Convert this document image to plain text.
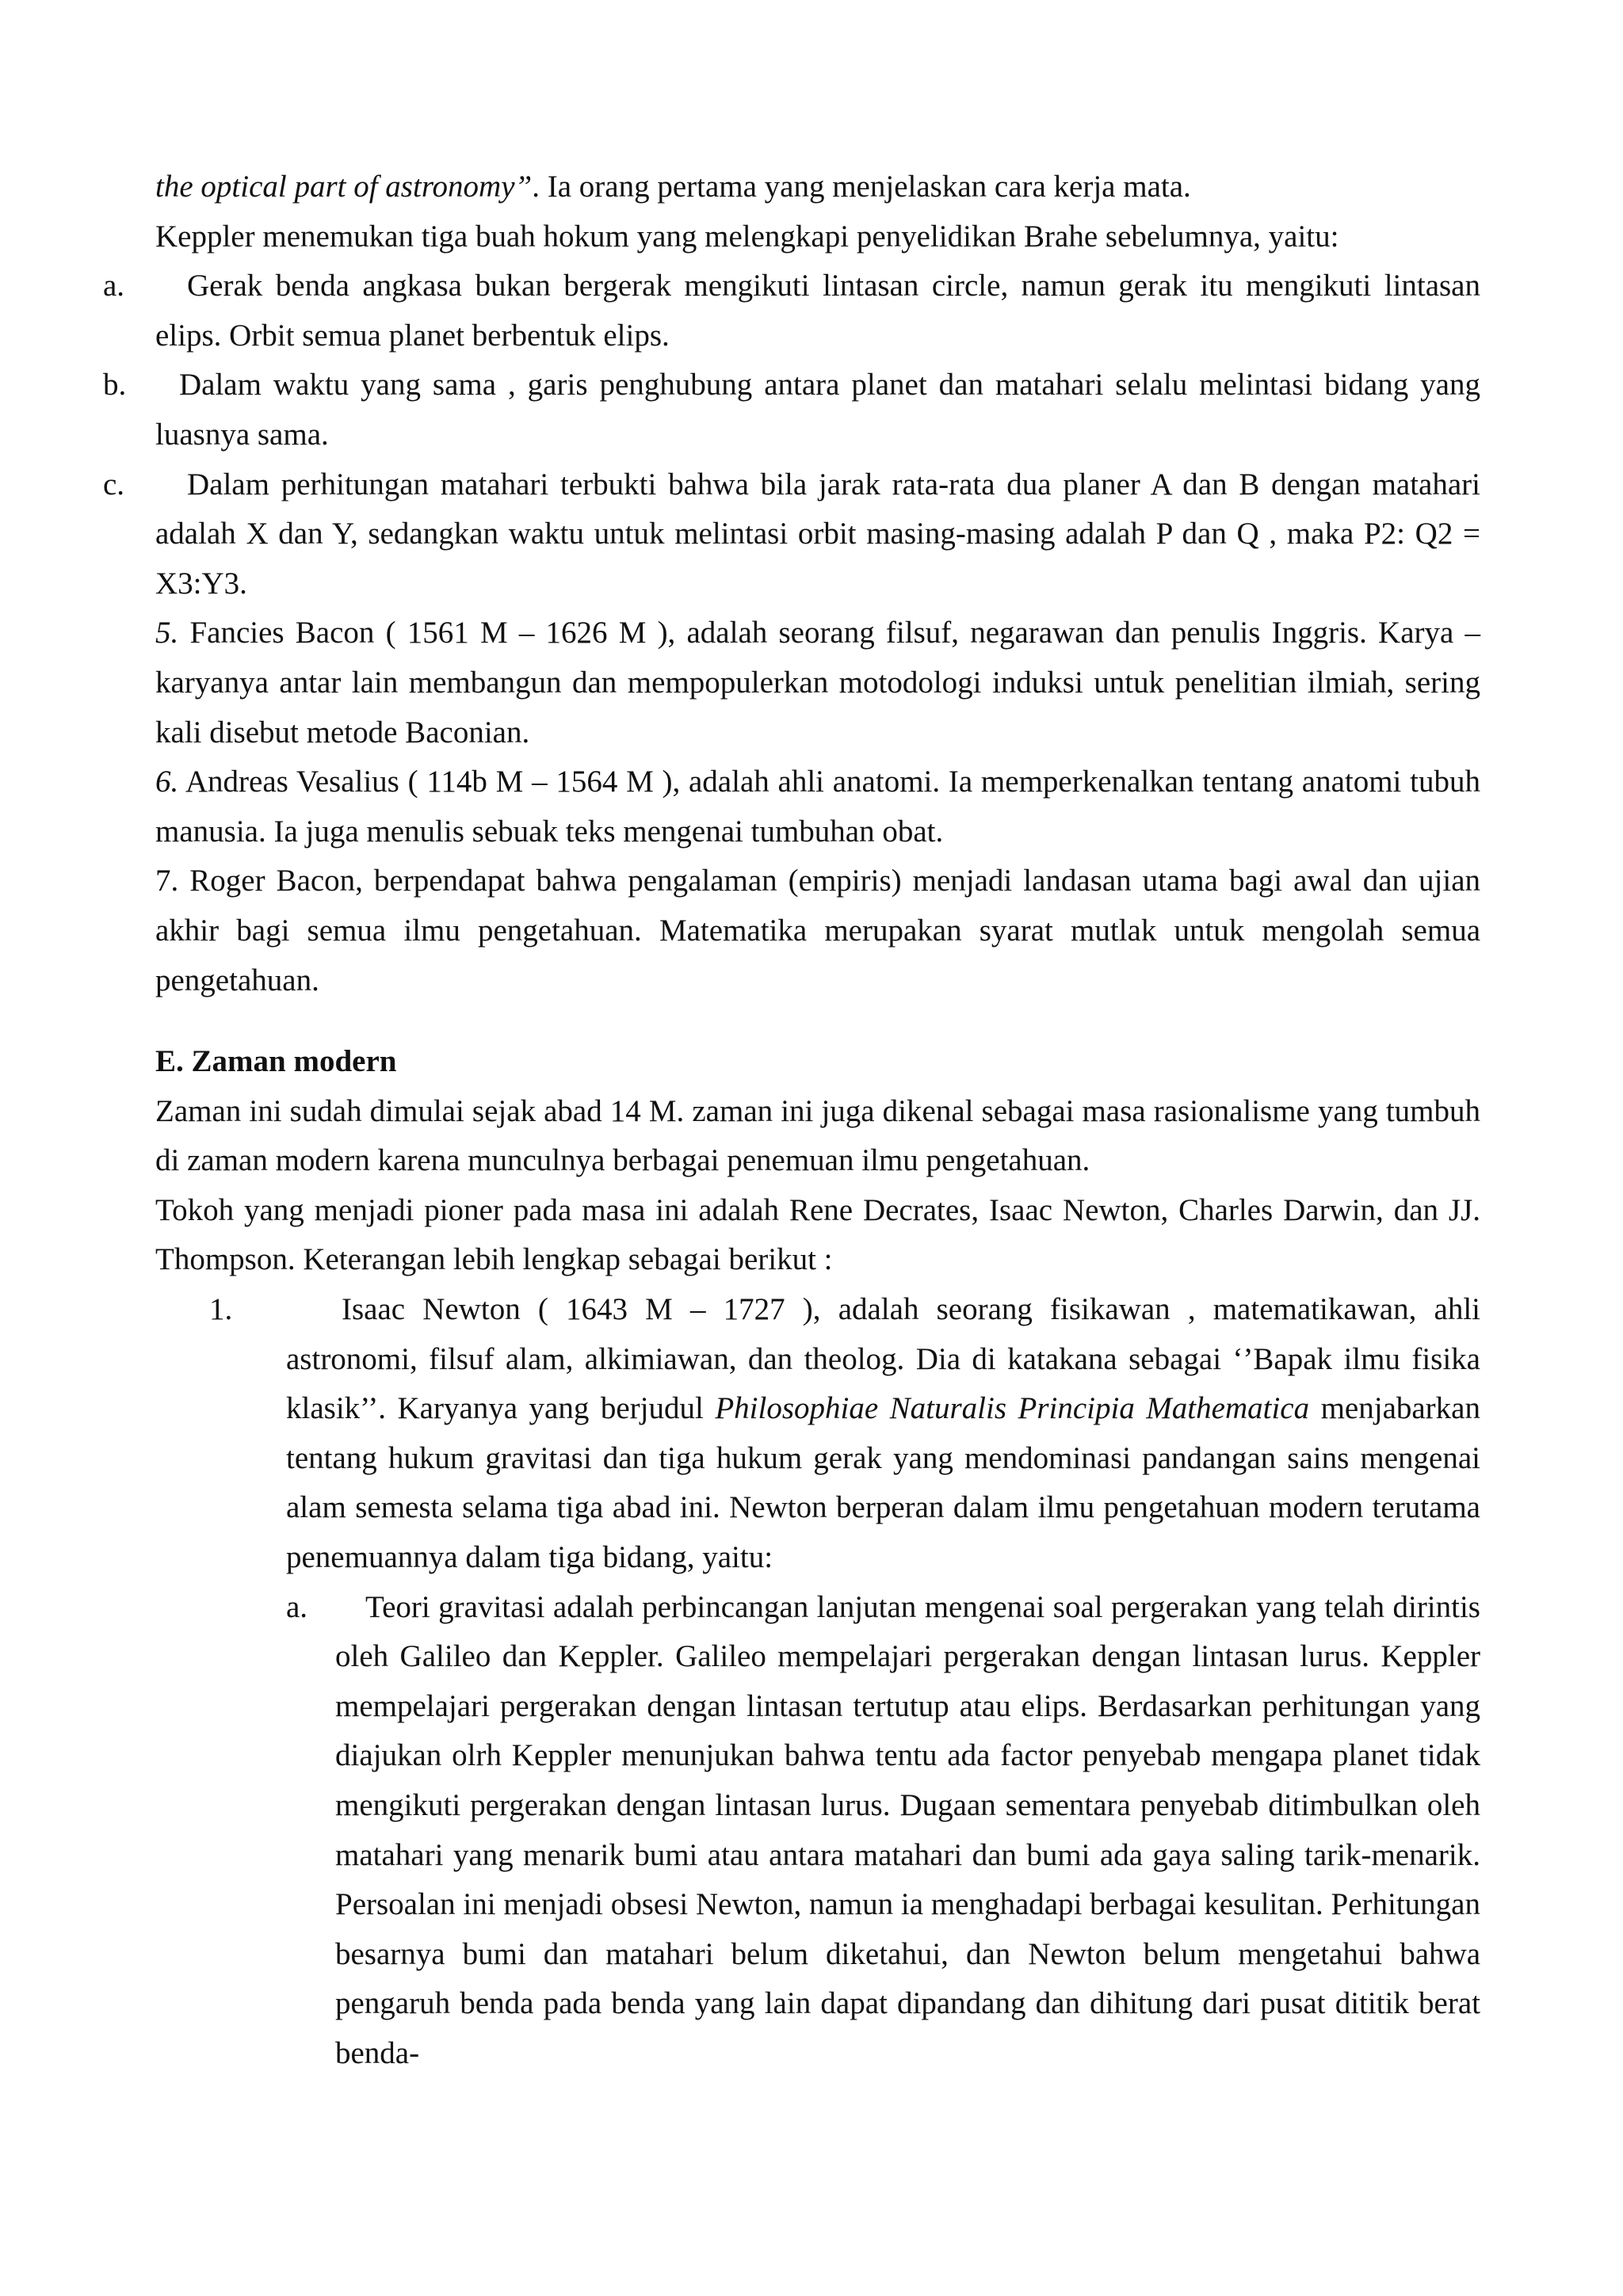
the optical part of astronomy”. Ia orang pertama yang menjelaskan cara kerja mata.

Keppler menemukan tiga buah hokum yang melengkapi penyelidikan Brahe sebelumnya, yaitu:

a.	Gerak benda angkasa bukan bergerak mengikuti lintasan circle, namun gerak itu mengikuti lintasan elips. Orbit semua planet berbentuk elips.

b.	Dalam waktu yang sama , garis penghubung antara planet dan matahari selalu melintasi bidang yang luasnya sama.

c.	Dalam perhitungan matahari terbukti bahwa bila jarak rata-rata dua planer A dan B dengan matahari adalah X dan Y, sedangkan waktu untuk melintasi orbit masing-masing adalah P dan Q , maka P2: Q2 = X3:Y3.

5. Fancies Bacon ( 1561 M – 1626 M ), adalah seorang filsuf, negarawan dan penulis Inggris. Karya – karyanya antar lain membangun dan mempopulerkan motodologi induksi untuk penelitian ilmiah, sering kali disebut metode Baconian.

6. Andreas Vesalius ( 114b M – 1564 M ), adalah ahli anatomi. Ia memperkenalkan tentang anatomi tubuh manusia. Ia juga menulis sebuak teks mengenai tumbuhan obat.

7. Roger Bacon, berpendapat bahwa pengalaman (empiris) menjadi landasan utama bagi awal dan ujian akhir bagi semua ilmu pengetahuan. Matematika merupakan syarat mutlak untuk mengolah semua pengetahuan.

E. Zaman modern

Zaman ini sudah dimulai sejak abad 14 M. zaman ini juga dikenal sebagai masa rasionalisme yang tumbuh di zaman modern karena munculnya berbagai penemuan ilmu pengetahuan.

Tokoh yang menjadi pioner pada masa ini adalah Rene Decrates, Isaac Newton, Charles Darwin, dan JJ. Thompson. Keterangan lebih lengkap sebagai berikut :

1.	Isaac Newton ( 1643 M – 1727 ), adalah seorang fisikawan , matematikawan, ahli astronomi, filsuf alam, alkimiawan, dan theolog. Dia di katakana sebagai ‘’Bapak ilmu fisika klasik’’. Karyanya yang berjudul Philosophiae Naturalis Principia Mathematica menjabarkan tentang hukum gravitasi dan tiga hukum gerak yang mendominasi pandangan sains mengenai alam semesta selama tiga abad ini. Newton berperan dalam ilmu pengetahuan modern terutama penemuannya dalam tiga bidang, yaitu:

a.	Teori gravitasi adalah perbincangan lanjutan mengenai soal pergerakan yang telah dirintis oleh Galileo dan Keppler. Galileo mempelajari pergerakan dengan lintasan lurus. Keppler mempelajari pergerakan dengan lintasan tertutup atau elips. Berdasarkan perhitungan yang diajukan olrh Keppler menunjukan bahwa tentu ada factor penyebab mengapa planet tidak mengikuti pergerakan dengan lintasan lurus. Dugaan sementara penyebab ditimbulkan oleh matahari yang menarik bumi atau antara matahari dan bumi ada gaya saling tarik-menarik. Persoalan ini menjadi obsesi Newton, namun ia menghadapi berbagai kesulitan. Perhitungan besarnya bumi dan matahari belum diketahui, dan Newton belum mengetahui bahwa pengaruh benda pada benda yang lain dapat dipandang dan dihitung dari pusat dititik berat benda-
